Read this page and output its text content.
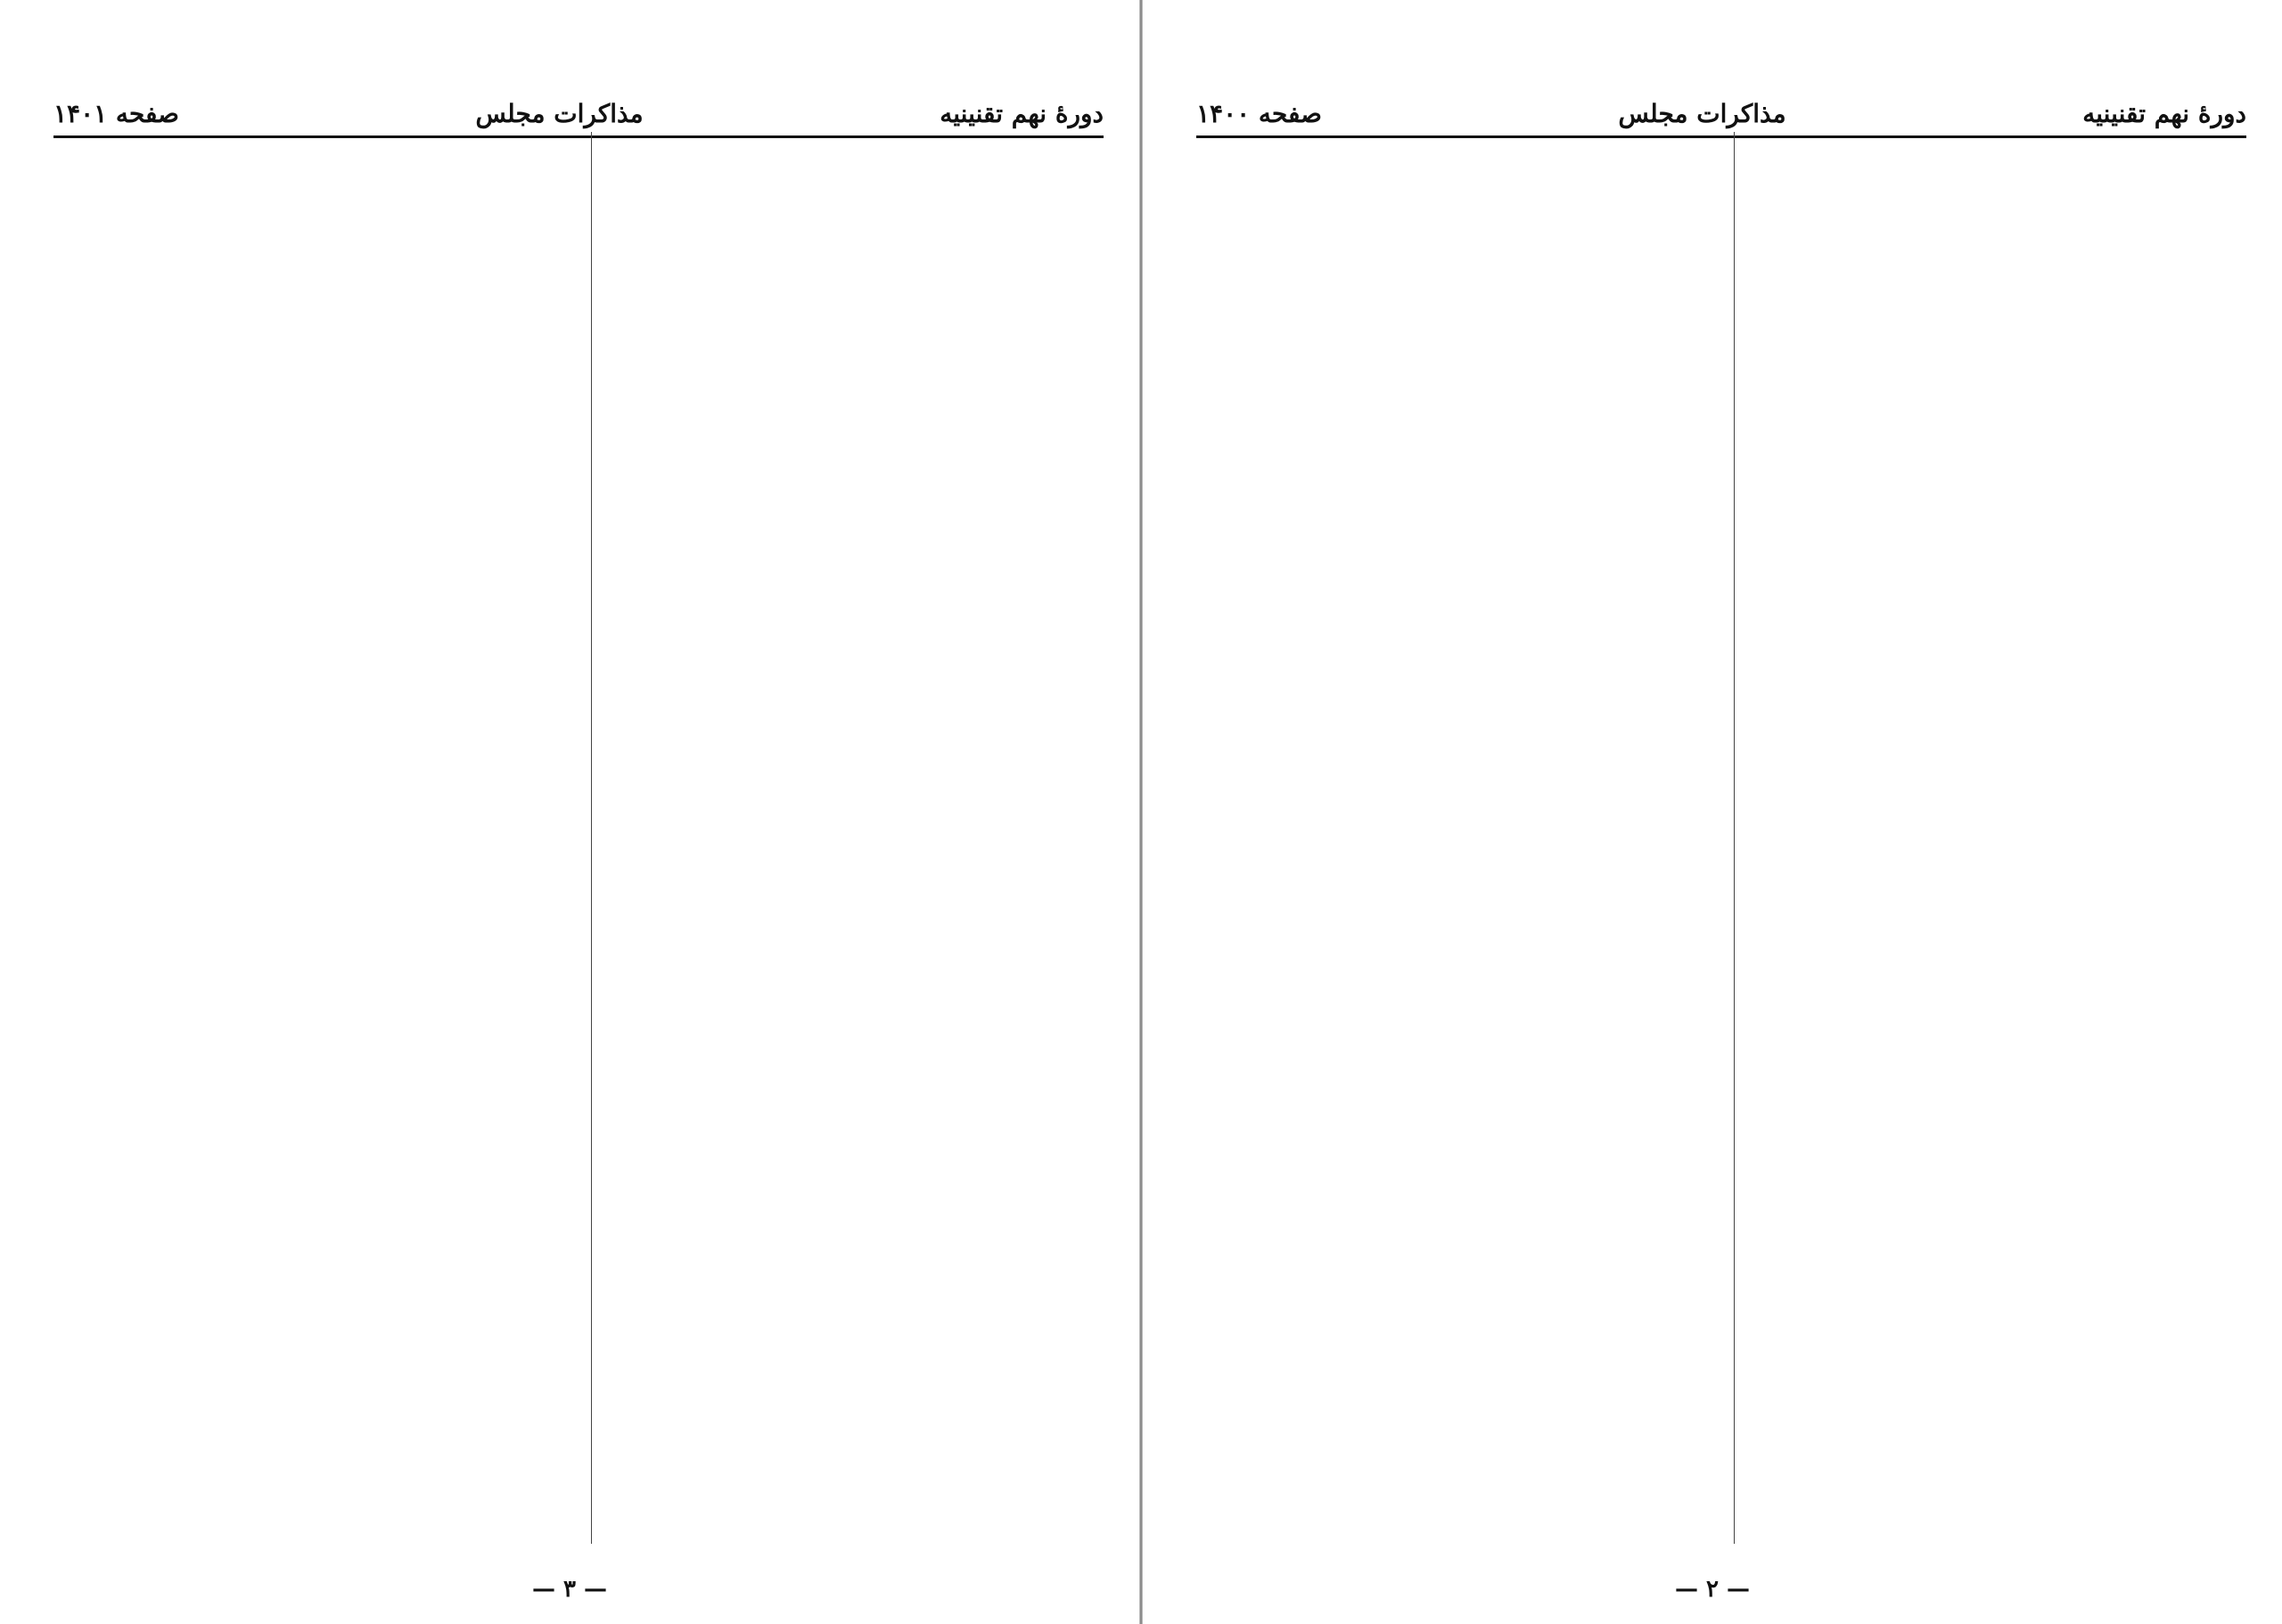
دورهٔ نهم تقنینیه
مذاکرات مجلس
صفحه ۱۴۰۱
— ۳ —
دورهٔ نهم تقنینیه
مذاکرات مجلس
صفحه ۱۴۰۰
— ۲ —
